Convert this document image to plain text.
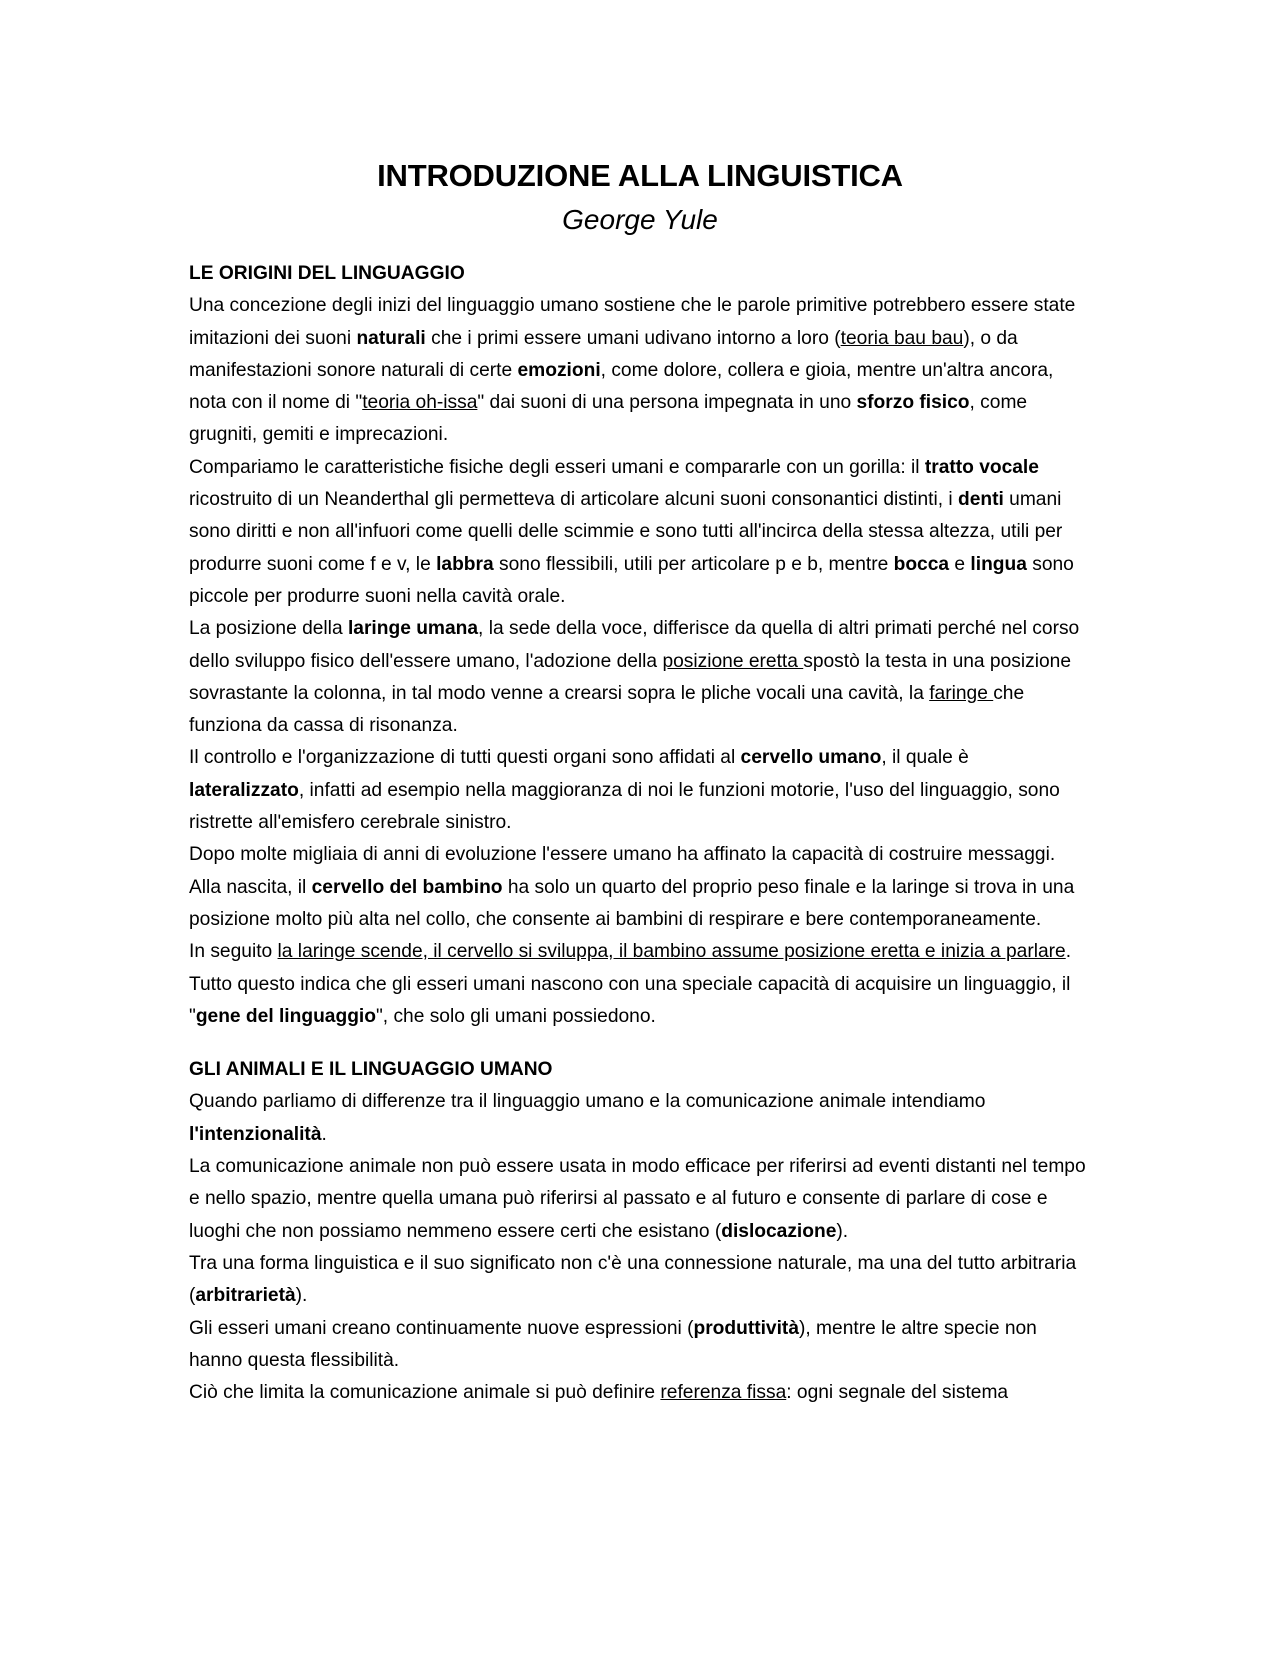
INTRODUZIONE ALLA LINGUISTICA
George Yule
LE ORIGINI DEL LINGUAGGIO

Una concezione degli inizi del linguaggio umano sostiene che le parole primitive potrebbero essere state imitazioni dei suoni naturali che i primi essere umani udivano intorno a loro (teoria bau bau), o da manifestazioni sonore naturali di certe emozioni, come dolore, collera e gioia, mentre un'altra ancora, nota con il nome di "teoria oh-issa" dai suoni di una persona impegnata in uno sforzo fisico, come grugniti, gemiti e imprecazioni.

Compariamo le caratteristiche fisiche degli esseri umani e compararle con un gorilla: il tratto vocale ricostruito di un Neanderthal gli permetteva di articolare alcuni suoni consonantici distinti, i denti umani sono diritti e non all'infuori come quelli delle scimmie e sono tutti all'incirca della stessa altezza, utili per produrre suoni come f e v, le labbra sono flessibili, utili per articolare p e b, mentre bocca e lingua sono piccole per produrre suoni nella cavità orale.

La posizione della laringe umana, la sede della voce, differisce da quella di altri primati perché nel corso dello sviluppo fisico dell'essere umano, l'adozione della posizione eretta spostò la testa in una posizione sovrastante la colonna, in tal modo venne a crearsi sopra le pliche vocali una cavità, la faringe che funziona da cassa di risonanza.

Il controllo e l'organizzazione di tutti questi organi sono affidati al cervello umano, il quale è lateralizzato, infatti ad esempio nella maggioranza di noi le funzioni motorie, l'uso del linguaggio, sono ristrette all'emisfero cerebrale sinistro.

Dopo molte migliaia di anni di evoluzione l'essere umano ha affinato la capacità di costruire messaggi.

Alla nascita, il cervello del bambino ha solo un quarto del proprio peso finale e la laringe si trova in una posizione molto più alta nel collo, che consente ai bambini di respirare e bere contemporaneamente.

In seguito la laringe scende, il cervello si sviluppa, il bambino assume posizione eretta e inizia a parlare.

Tutto questo indica che gli esseri umani nascono con una speciale capacità di acquisire un linguaggio, il "gene del linguaggio", che solo gli umani possiedono.

GLI ANIMALI E IL LINGUAGGIO UMANO

Quando parliamo di differenze tra il linguaggio umano e la comunicazione animale intendiamo l'intenzionalità.

La comunicazione animale non può essere usata in modo efficace per riferirsi ad eventi distanti nel tempo e nello spazio, mentre quella umana può riferirsi al passato e al futuro e consente di parlare di cose e luoghi che non possiamo nemmeno essere certi che esistano (dislocazione).

Tra una forma linguistica e il suo significato non c'è una connessione naturale, ma una del tutto arbitraria (arbitrarietà).

Gli esseri umani creano continuamente nuove espressioni (produttività), mentre le altre specie non hanno questa flessibilità.

Ciò che limita la comunicazione animale si può definire referenza fissa: ogni segnale del sistema
